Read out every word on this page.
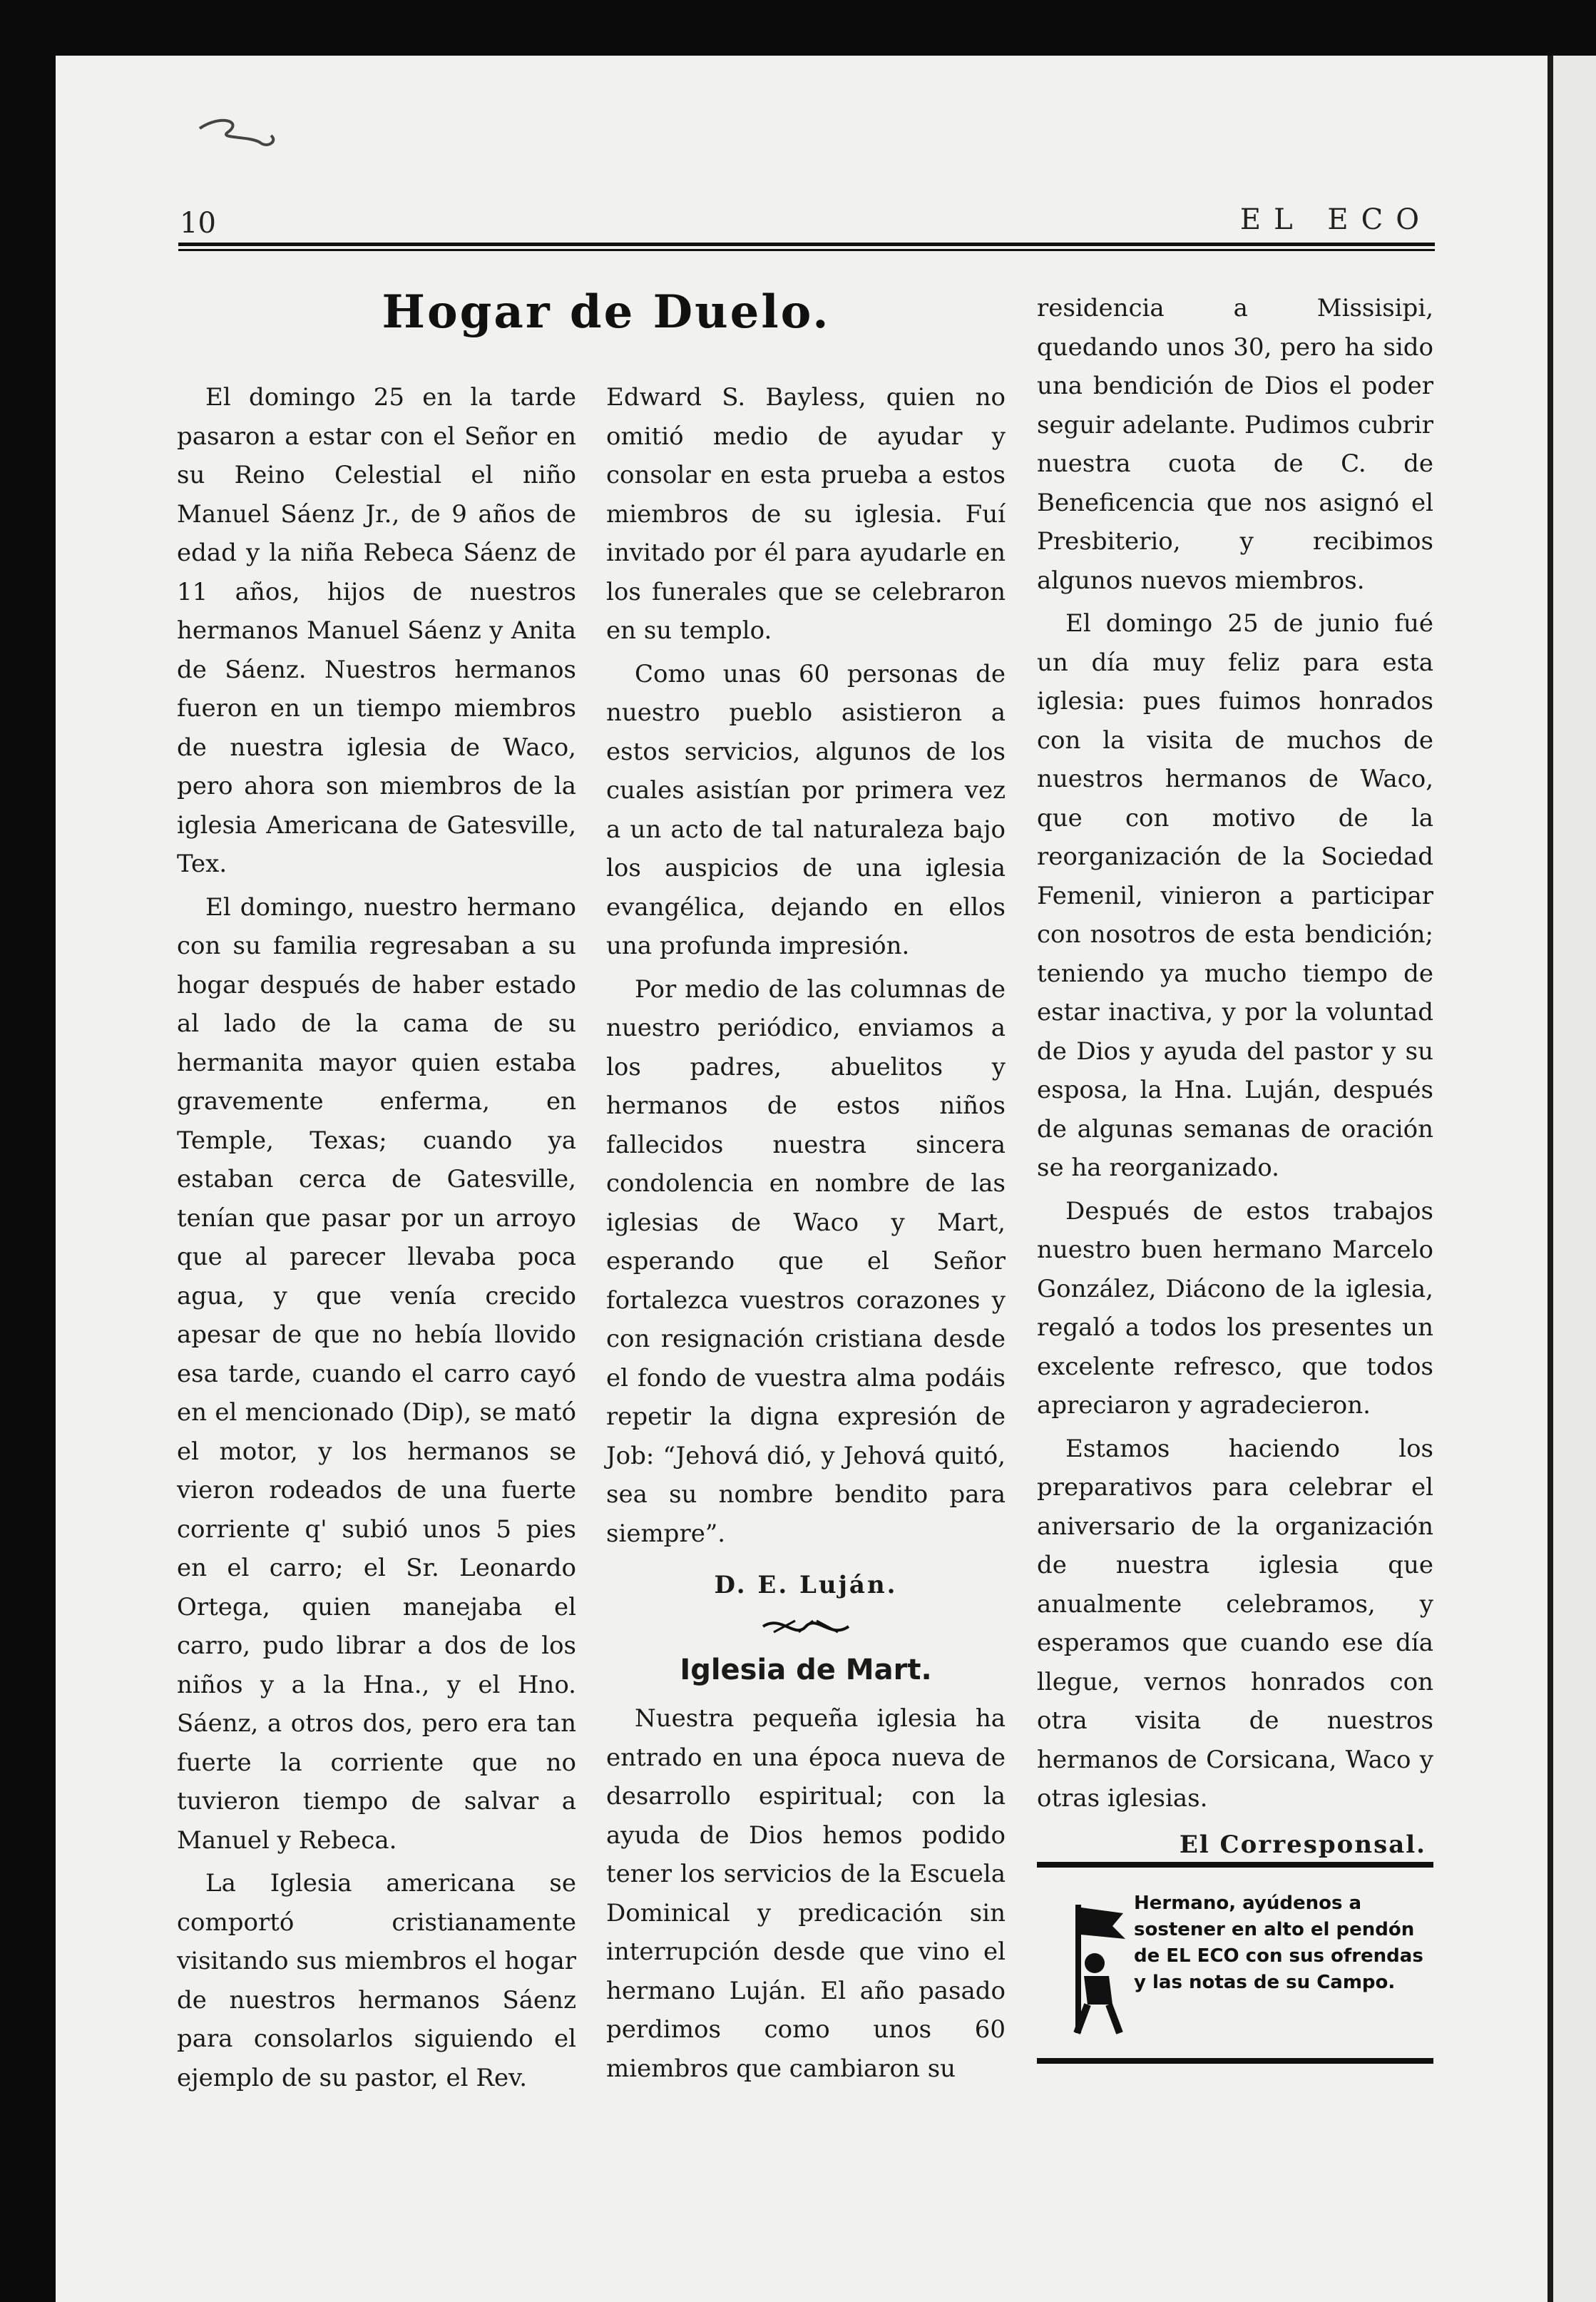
10	EL ECO
Hogar de Duelo.

El domingo 25 en la tarde pasaron a estar con el Señor en su Reino Celestial el niño Manuel Sáenz Jr., de 9 años de edad y la niña Rebeca Sáenz de 11 años, hijos de nuestros hermanos Manuel Sáenz y Anita de Sáenz. Nuestros hermanos fueron en un tiempo miembros de nuestra iglesia de Waco, pero ahora son miembros de la iglesia Americana de Gatesville, Tex.

El domingo, nuestro hermano con su familia regresaban a su hogar después de haber estado al lado de la cama de su hermanita mayor quien estaba gravemente enferma, en Temple, Texas; cuando ya estaban cerca de Gatesville, tenían que pasar por un arroyo que al parecer llevaba poca agua, y que venía crecido apesar de que no hebía llovido esa tarde, cuando el carro cayó en el mencionado (Dip), se mató el motor, y los hermanos se vieron rodeados de una fuerte corriente q' subió unos 5 pies en el carro; el Sr. Leonardo Ortega, quien manejaba el carro, pudo librar a dos de los niños y a la Hna., y el Hno. Sáenz, a otros dos, pero era tan fuerte la corriente que no tuvieron tiempo de salvar a Manuel y Rebeca.

La Iglesia americana se comportó cristianamente visitando sus miembros el hogar de nuestros hermanos Sáenz para consolarlos siguiendo el ejemplo de su pastor, el Rev.

Edward S. Bayless, quien no omitió medio de ayudar y consolar en esta prueba a estos miembros de su iglesia. Fuí invitado por él para ayudarle en los funerales que se celebraron en su templo.

Como unas 60 personas de nuestro pueblo asistieron a estos servicios, algunos de los cuales asistían por primera vez a un acto de tal naturaleza bajo los auspicios de una iglesia evangélica, dejando en ellos una profunda impresión.

Por medio de las columnas de nuestro periódico, enviamos a los padres, abuelitos y hermanos de estos niños fallecidos nuestra sincera condolencia en nombre de las iglesias de Waco y Mart, esperando que el Señor fortalezca vuestros corazones y con resignación cristiana desde el fondo de vuestra alma podáis repetir la digna expresión de Job: “Jehová dió, y Jehová quitó, sea su nombre bendito para siempre”.

D. E. Luján.
Iglesia de Mart.

Nuestra pequeña iglesia ha entrado en una época nueva de desarrollo espiritual; con la ayuda de Dios hemos podido tener los servicios de la Escuela Dominical y predicación sin interrupción desde que vino el hermano Luján. El año pasado perdimos como unos 60 miembros que cambiaron su

residencia a Missisipi, quedando unos 30, pero ha sido una bendición de Dios el poder seguir adelante. Pudimos cubrir nuestra cuota de C. de Beneficencia que nos asignó el Presbiterio, y recibimos algunos nuevos miembros.

El domingo 25 de junio fué un día muy feliz para esta iglesia: pues fuimos honrados con la visita de muchos de nuestros hermanos de Waco, que con motivo de la reorganización de la Sociedad Femenil, vinieron a participar con nosotros de esta bendición; teniendo ya mucho tiempo de estar inactiva, y por la voluntad de Dios y ayuda del pastor y su esposa, la Hna. Luján, después de algunas semanas de oración se ha reorganizado.

Después de estos trabajos nuestro buen hermano Marcelo González, Diácono de la iglesia, regaló a todos los presentes un excelente refresco, que todos apreciaron y agradecieron.

Estamos haciendo los preparativos para celebrar el aniversario de la organización de nuestra iglesia que anualmente celebramos, y esperamos que cuando ese día llegue, vernos honrados con otra visita de nuestros hermanos de Corsicana, Waco y otras iglesias.

El Corresponsal.
Hermano, ayúdenos a sostener en alto el pendón de EL ECO con sus ofrendas y las notas de su Campo.
